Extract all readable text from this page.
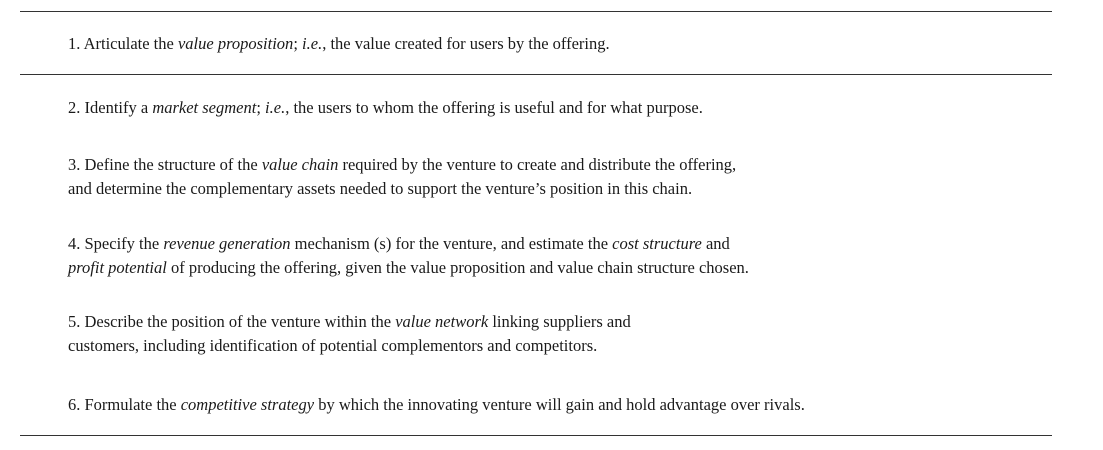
1. Articulate the value proposition; i.e., the value created for users by the offering.
2. Identify a market segment; i.e., the users to whom the offering is useful and for what purpose.
3. Define the structure of the value chain required by the venture to create and distribute the offering,
and determine the complementary assets needed to support the venture’s position in this chain.
4. Specify the revenue generation mechanism (s) for the venture, and estimate the cost structure and
profit potential of producing the offering, given the value proposition and value chain structure chosen.
5. Describe the position of the venture within the value network linking suppliers and
customers, including identification of potential complementors and competitors.
6. Formulate the competitive strategy by which the innovating venture will gain and hold advantage over rivals.
